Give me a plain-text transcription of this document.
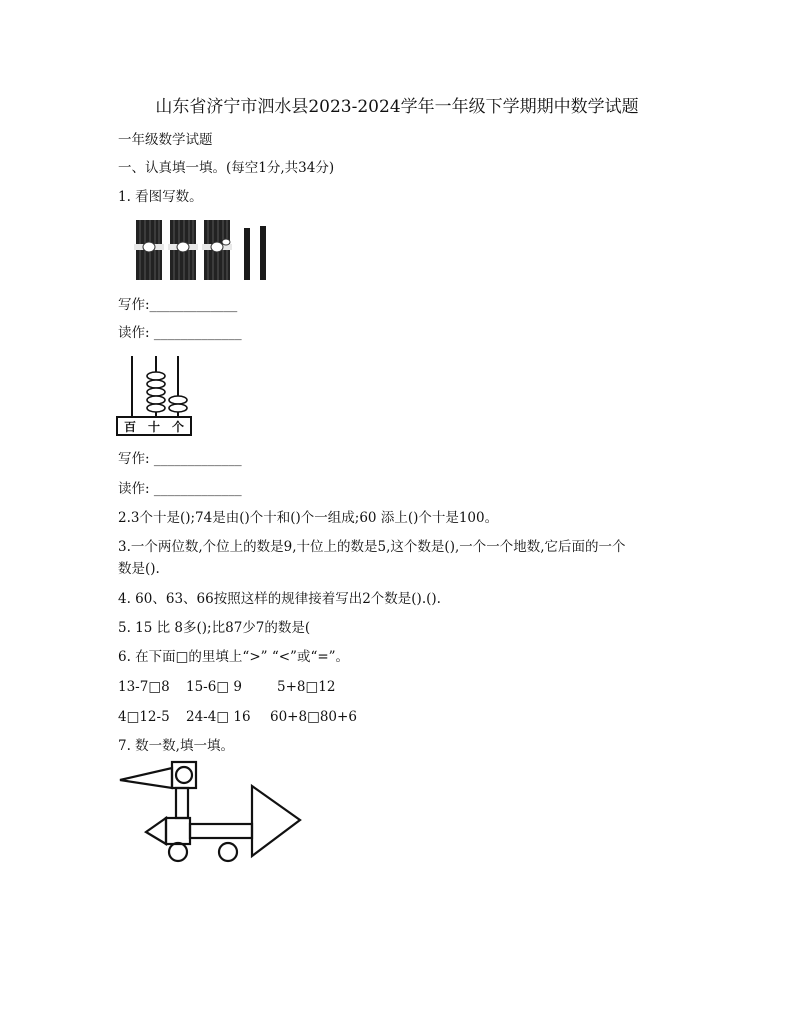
山东省济宁市泗水县2023-2024学年一年级下学期期中数学试题
一年级数学试题
一、认真填一填。(每空1分,共34分)
1. 看图写数。
写作:_____________
读作: _____________
百 十 个
写作: _____________
读作: _____________
2.3个十是();74是由()个十和()个一组成;60 添上()个十是100。
3.一个两位数,个位上的数是9,十位上的数是5,这个数是(),一个一个地数,它后面的一个
数是().
4. 60、63、66按照这样的规律接着写出2个数是().().
5. 15 比 8多();比87少7的数是(
6. 在下面□的里填上“>” “<”或“=”。
13-7□8 15-6□ 9	5+8□12
4□12-5 24-4□ 16 60+8□80+6
7. 数一数,填一填。
